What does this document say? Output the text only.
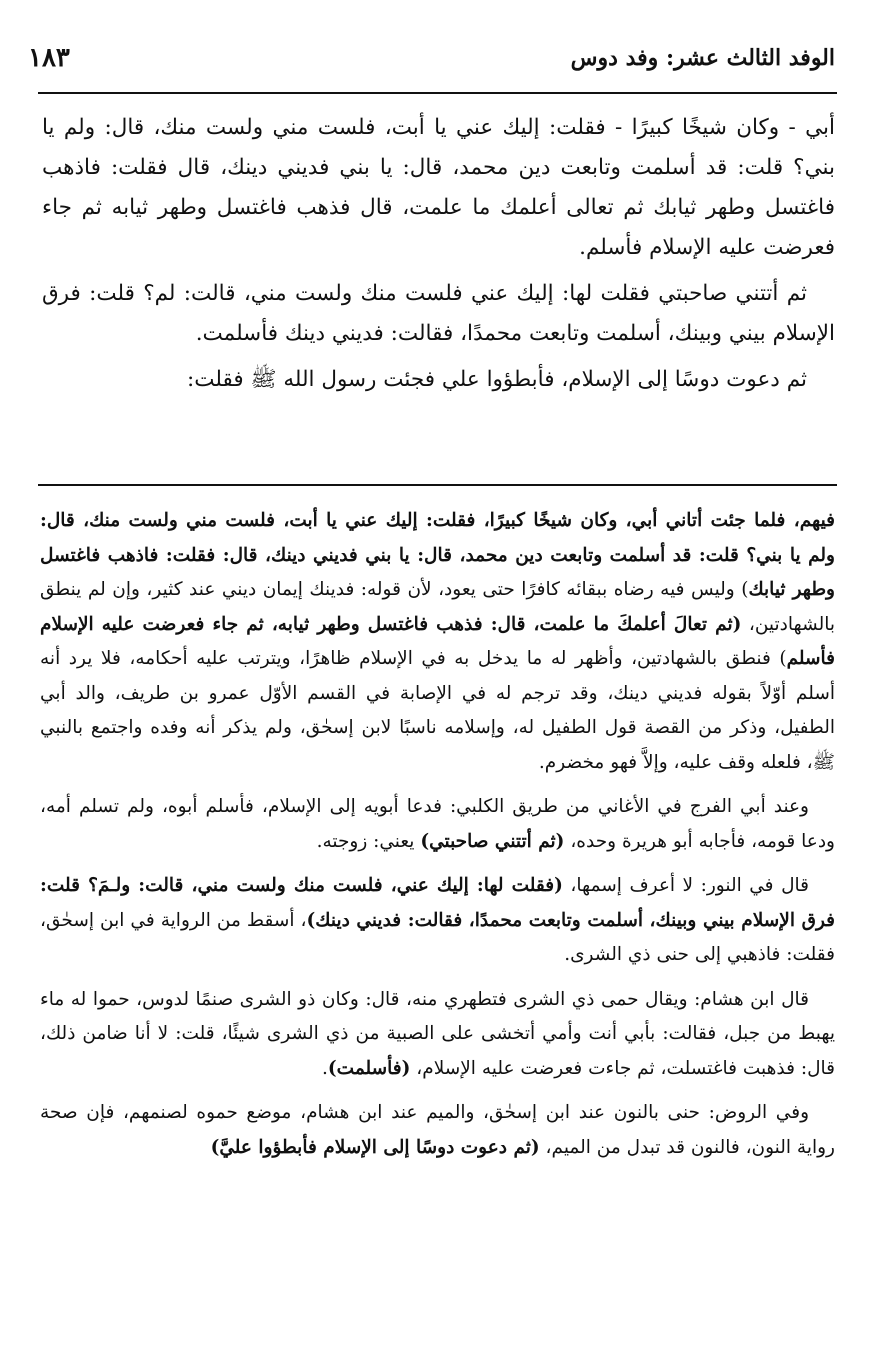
الوفد الثالث عشر: وفد دوس
١٨٣

أبي - وكان شيخًا كبيرًا - فقلت: إليك عني يا أبت، فلست مني ولست منك، قال: ولم يا بني؟ قلت: قد أسلمت وتابعت دين محمد، قال: يا بني فديني دينك، قال فقلت: فاذهب فاغتسل وطهر ثيابك ثم تعالى أعلمك ما علمت، قال فذهب فاغتسل وطهر ثيابه ثم جاء فعرضت عليه الإسلام فأسلم.

ثم أتتني صاحبتي فقلت لها: إليك عني فلست منك ولست مني، قالت: لم؟ قلت: فرق الإسلام بيني وبينك، أسلمت وتابعت محمدًا، فقالت: فديني دينك فأسلمت.

ثم دعوت دوسًا إلى الإسلام، فأبطؤوا علي فجئت رسول الله ﷺ فقلت:

فيهم، فلما جئت أتاني أبي، وكان شيخًا كبيرًا، فقلت: إليك عني يا أبت، فلست مني ولست منك، قال: ولم يا بني؟ قلت: قد أسلمت وتابعت دين محمد، قال: يا بني فديني دينك، قال: فقلت: فاذهب فاغتسل وطهر ثيابك) وليس فيه رضاه ببقائه كافرًا حتى يعود، لأن قوله: فدينك إيمان ديني عند كثير، وإن لم ينطق بالشهادتين، (ثم تعالَ أعلمكَ ما علمت، قال: فذهب فاغتسل وطهر ثيابه، ثم جاء فعرضت عليه الإسلام فأسلم) فنطق بالشهادتين، وأظهر له ما يدخل به في الإسلام ظاهرًا، ويترتب عليه أحكامه، فلا يرد أنه أسلم أوّلاً بقوله فديني دينك، وقد ترجم له في الإصابة في القسم الأوّل عمرو بن طريف، والد أبي الطفيل، وذكر من القصة قول الطفيل له، وإسلامه ناسبًا لابن إسحٰق، ولم يذكر أنه وفده واجتمع بالنبي ﷺ، فلعله وقف عليه، وإلاَّ فهو مخضرم.

وعند أبي الفرج في الأغاني من طريق الكلبي: فدعا أبويه إلى الإسلام، فأسلم أبوه، ولم تسلم أمه، ودعا قومه، فأجابه أبو هريرة وحده، (ثم أتتني صاحبتي) يعني: زوجته.

قال في النور: لا أعرف إسمها، (فقلت لها: إليك عني، فلست منك ولست مني، قالت: ولـمَ؟ قلت: فرق الإسلام بيني وبينك، أسلمت وتابعت محمدًا، فقالت: فديني دينك)، أسقط من الرواية في ابن إسحٰق، فقلت: فاذهبي إلى حنى ذي الشرى.

قال ابن هشام: ويقال حمى ذي الشرى فتطهري منه، قال: وكان ذو الشرى صنمًا لدوس، حموا له ماء يهبط من جبل، فقالت: بأبي أنت وأمي أتخشى على الصبية من ذي الشرى شيئًا، قلت: لا أنا ضامن ذلك، قال: فذهبت فاغتسلت، ثم جاءت فعرضت عليه الإسلام، (فأسلمت).

وفي الروض: حنى بالنون عند ابن إسحٰق، والميم عند ابن هشام، موضع حموه لصنمهم، فإن صحة رواية النون، فالنون قد تبدل من الميم، (ثم دعوت دوسًا إلى الإسلام فأبطؤوا عليَّ)
